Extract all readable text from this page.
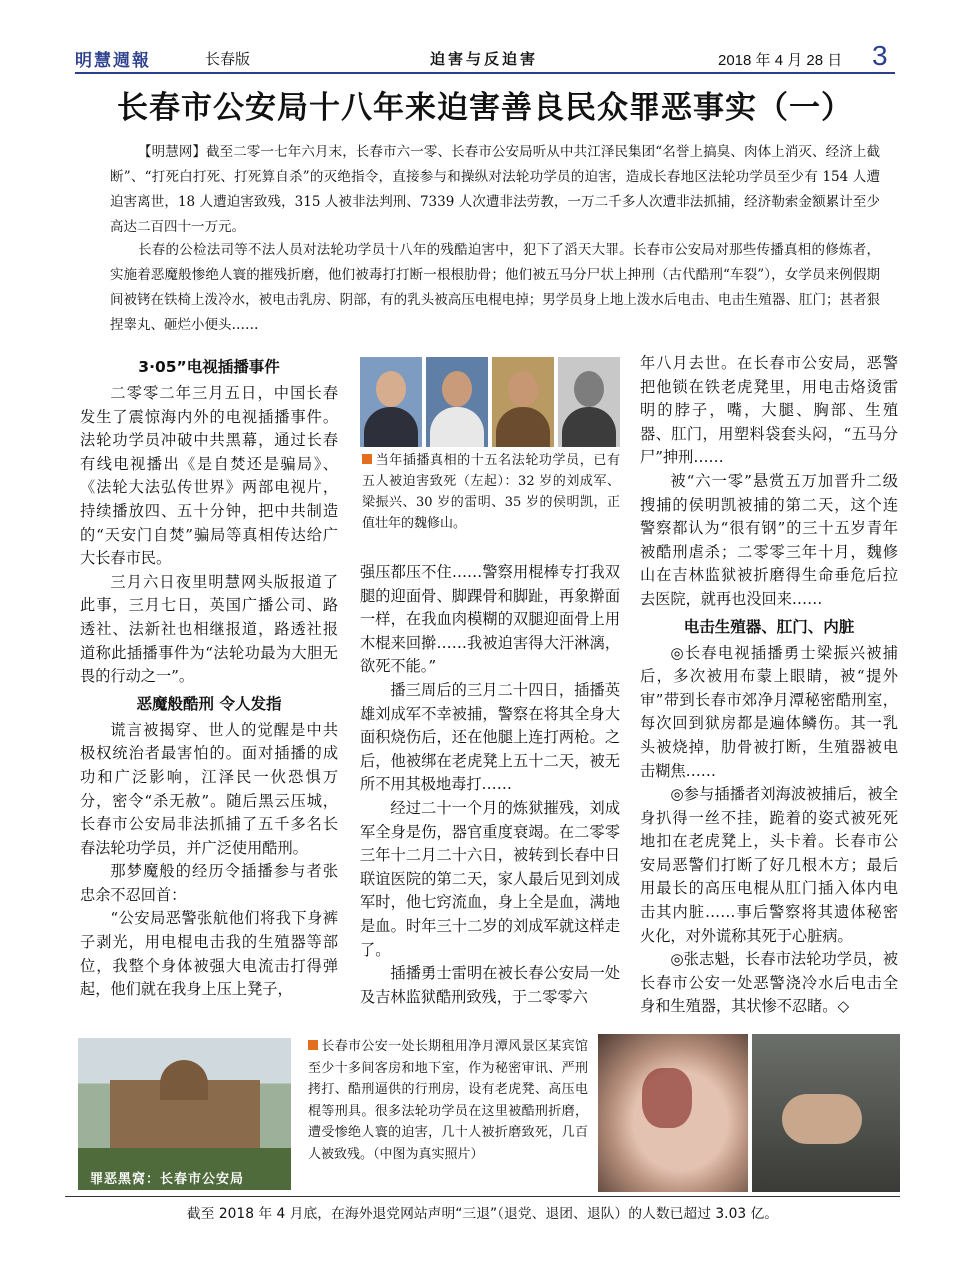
明慧週報	长春版	迫害与反迫害	2018 年 4 月 28 日 3
长春市公安局十八年来迫害善良民众罪恶事实（一）

【明慧网】截至二零一七年六月末，长春市六一零、长春市公安局听从中共江泽民集团“名誉上搞臭、肉体上消灭、经济上截断”、“打死白打死、打死算自杀”的灭绝指令，直接参与和操纵对法轮功学员的迫害，造成长春地区法轮功学员至少有 154 人遭迫害离世，18 人遭迫害致残，315 人被非法判刑、7339 人次遭非法劳教，一万二千多人次遭非法抓捕，经济勒索金额累计至少高达二百四十一万元。

长春的公检法司等不法人员对法轮功学员十八年的残酷迫害中，犯下了滔天大罪。长春市公安局对那些传播真相的修炼者，实施着恶魔般惨绝人寰的摧残折磨，他们被毒打打断一根根肋骨；他们被五马分尸状上抻刑（古代酷刑“车裂”），女学员来例假期间被铐在铁椅上泼冷水，被电击乳房、阴部，有的乳头被高压电棍电掉；男学员身上地上泼水后电击、电击生殖器、肛门；甚者狠捏睾丸、砸烂小便头……

3·05”电视插播事件

二零零二年三月五日，中国长春发生了震惊海内外的电视插播事件。法轮功学员冲破中共黑幕，通过长春有线电视播出《是自焚还是骗局》、《法轮大法弘传世界》两部电视片，持续播放四、五十分钟，把中共制造的“天安门自焚”骗局等真相传达给广大长春市民。

三月六日夜里明慧网头版报道了此事，三月七日，英国广播公司、路透社、法新社也相继报道，路透社报道称此插播事件为“法轮功最为大胆无畏的行动之一”。

恶魔般酷刑 令人发指

谎言被揭穿、世人的觉醒是中共极权统治者最害怕的。面对插播的成功和广泛影响，江泽民一伙恐惧万分，密令“杀无赦”。随后黑云压城，长春市公安局非法抓捕了五千多名长春法轮功学员，并广泛使用酷刑。

那梦魔般的经历令插播参与者张忠余不忍回首：

“公安局恶警张航他们将我下身裤子剥光，用电棍电击我的生殖器等部位，我整个身体被强大电流击打得弹起，他们就在我身上压上凳子，

当年插播真相的十五名法轮功学员，已有五人被迫害致死（左起）：32 岁的刘成军、梁振兴、30 岁的雷明、35 岁的侯明凯，正值壮年的魏修山。

强压都压不住……警察用棍棒专打我双腿的迎面骨、脚踝骨和脚趾，再象擀面一样，在我血肉模糊的双腿迎面骨上用木棍来回擀……我被迫害得大汗淋漓，欲死不能。”

播三周后的三月二十四日，插播英雄刘成军不幸被捕，警察在将其全身大面积烧伤后，还在他腿上连打两枪。之后，他被绑在老虎凳上五十二天，被无所不用其极地毒打……

经过二十一个月的炼狱摧残，刘成军全身是伤，器官重度衰竭。在二零零三年十二月二十六日，被转到长春中日联谊医院的第二天，家人最后见到刘成军时，他七窍流血，身上全是血，满地是血。时年三十二岁的刘成军就这样走了。

插播勇士雷明在被长春公安局一处及吉林监狱酷刑致残，于二零零六

年八月去世。在长春市公安局，恶警把他锁在铁老虎凳里，用电击烙烫雷明的脖子，嘴，大腿、胸部、生殖器、肛门，用塑料袋套头闷，“五马分尸”抻刑……

被“六一零”悬赏五万加晋升二级搜捕的侯明凯被捕的第二天，这个连警察都认为“很有钢”的三十五岁青年被酷刑虐杀；二零零三年十月，魏修山在吉林监狱被折磨得生命垂危后拉去医院，就再也没回来……

电击生殖器、肛门、内脏

◎长春电视插播勇士梁振兴被捕后，多次被用布蒙上眼睛，被“提外审”带到长春市郊净月潭秘密酷刑室，每次回到狱房都是遍体鳞伤。其一乳头被烧掉，肋骨被打断，生殖器被电击糊焦……

◎参与插播者刘海波被捕后，被全身扒得一丝不挂，跪着的姿式被死死地扣在老虎凳上，头卡着。长春市公安局恶警们打断了好几根木方；最后用最长的高压电棍从肛门插入体内电击其内脏……事后警察将其遗体秘密火化，对外谎称其死于心脏病。

◎张志魁，长春市法轮功学员，被长春市公安一处恶警浇冷水后电击全身和生殖器，其状惨不忍睹。◇

罪恶黑窝：长春市公安局

长春市公安一处长期租用净月潭风景区某宾馆至少十多间客房和地下室，作为秘密审讯、严刑拷打、酷刑逼供的行刑房，设有老虎凳、高压电棍等刑具。很多法轮功学员在这里被酷刑折磨，遭受惨绝人寰的迫害，几十人被折磨致死，几百人被致残。（中图为真实照片）

截至 2018 年 4 月底，在海外退党网站声明“三退”（退党、退团、退队）的人数已超过 3.03 亿。
